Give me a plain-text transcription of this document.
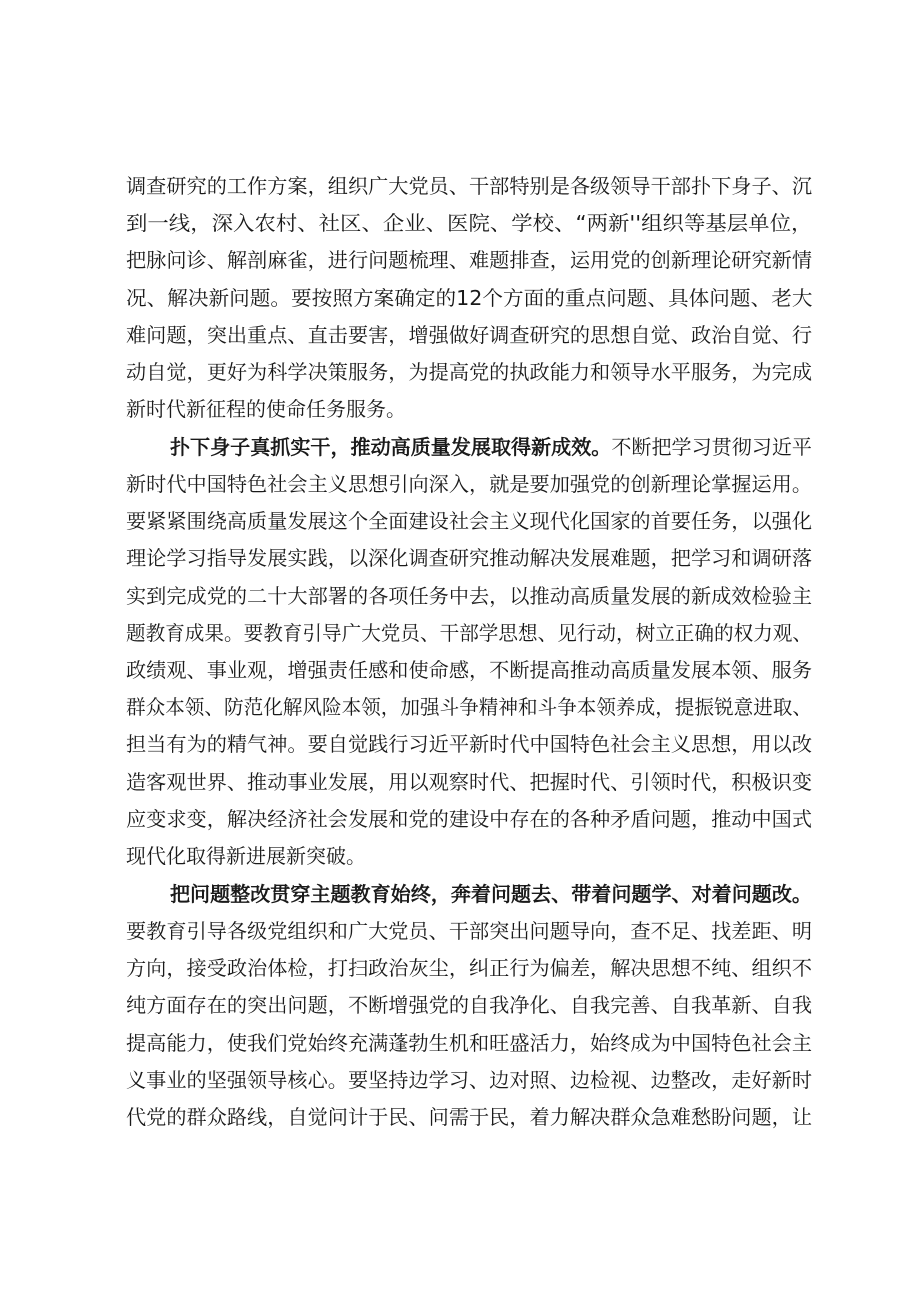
调查研究的工作方案，组织广大党员、干部特别是各级领导干部扑下身子、沉
到一线，深入农村、社区、企业、医院、学校、“两新''组织等基层单位，
把脉问诊、解剖麻雀，进行问题梳理、难题排查，运用党的创新理论研究新情
况、解决新问题。要按照方案确定的12个方面的重点问题、具体问题、老大
难问题，突出重点、直击要害，增强做好调查研究的思想自觉、政治自觉、行
动自觉，更好为科学决策服务，为提高党的执政能力和领导水平服务，为完成
新时代新征程的使命任务服务。
扑下身子真抓实干，推动高质量发展取得新成效。不断把学习贯彻习近平
新时代中国特色社会主义思想引向深入，就是要加强党的创新理论掌握运用。
要紧紧围绕高质量发展这个全面建设社会主义现代化国家的首要任务，以强化
理论学习指导发展实践，以深化调查研究推动解决发展难题，把学习和调研落
实到完成党的二十大部署的各项任务中去，以推动高质量发展的新成效检验主
题教育成果。要教育引导广大党员、干部学思想、见行动，树立正确的权力观、
政绩观、事业观，增强责任感和使命感，不断提高推动高质量发展本领、服务
群众本领、防范化解风险本领，加强斗争精神和斗争本领养成，提振锐意进取、
担当有为的精气神。要自觉践行习近平新时代中国特色社会主义思想，用以改
造客观世界、推动事业发展，用以观察时代、把握时代、引领时代，积极识变
应变求变，解决经济社会发展和党的建设中存在的各种矛盾问题，推动中国式
现代化取得新进展新突破。
把问题整改贯穿主题教育始终，奔着问题去、带着问题学、对着问题改。
要教育引导各级党组织和广大党员、干部突出问题导向，查不足、找差距、明
方向，接受政治体检，打扫政治灰尘，纠正行为偏差，解决思想不纯、组织不
纯方面存在的突出问题，不断增强党的自我净化、自我完善、自我革新、自我
提高能力，使我们党始终充满蓬勃生机和旺盛活力，始终成为中国特色社会主
义事业的坚强领导核心。要坚持边学习、边对照、边检视、边整改，走好新时
代党的群众路线，自觉问计于民、问需于民，着力解决群众急难愁盼问题，让
